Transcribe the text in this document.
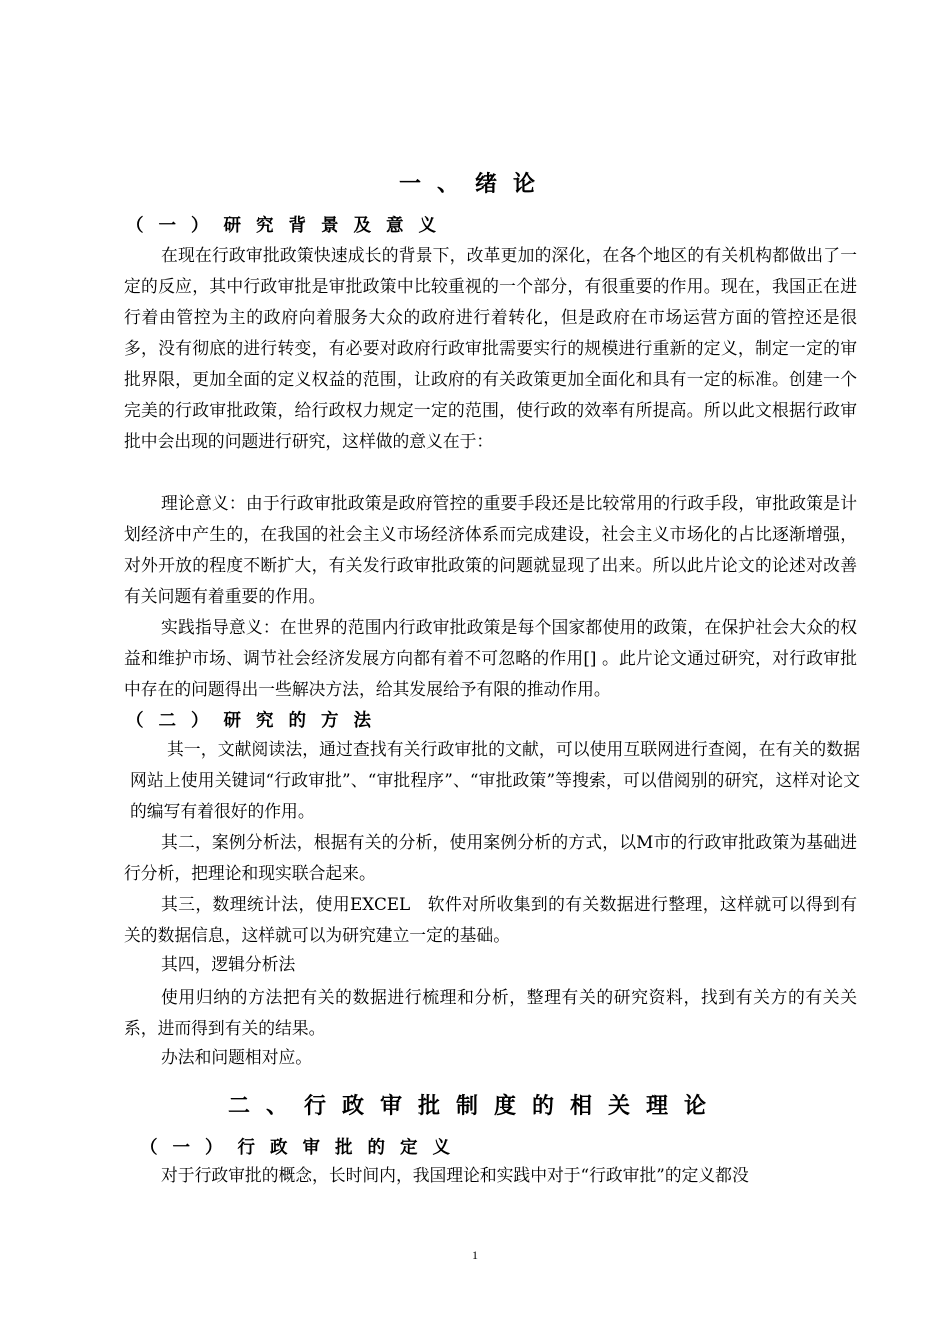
一、绪论
（一）研究背景及意义

在现在行政审批政策快速成长的背景下，改革更加的深化，在各个地区的有关机构都做出了一定的反应，其中行政审批是审批政策中比较重视的一个部分，有很重要的作用。现在，我国正在进行着由管控为主的政府向着服务大众的政府进行着转化，但是政府在市场运营方面的管控还是很多，没有彻底的进行转变，有必要对政府行政审批需要实行的规模进行重新的定义，制定一定的审批界限，更加全面的定义权益的范围，让政府的有关政策更加全面化和具有一定的标准。创建一个完美的行政审批政策，给行政权力规定一定的范围，使行政的效率有所提高。所以此文根据行政审批中会出现的问题进行研究，这样做的意义在于：

理论意义：由于行政审批政策是政府管控的重要手段还是比较常用的行政手段，审批政策是计划经济中产生的，在我国的社会主义市场经济体系而完成建设，社会主义市场化的占比逐渐增强，对外开放的程度不断扩大，有关发行政审批政策的问题就显现了出来。所以此片论文的论述对改善有关问题有着重要的作用。

实践指导意义：在世界的范围内行政审批政策是每个国家都使用的政策，在保护社会大众的权益和维护市场、调节社会经济发展方向都有着不可忽略的作用[] 。此片论文通过研究，对行政审批中存在的问题得出一些解决方法，给其发展给予有限的推动作用。

（二）研究的方法

其一，文献阅读法，通过查找有关行政审批的文献，可以使用互联网进行查阅，在有关的数据网站上使用关键词“行政审批”、“审批程序”、“审批政策”等搜索，可以借阅别的研究，这样对论文的编写有着很好的作用。

其二，案例分析法，根据有关的分析，使用案例分析的方式，以M市的行政审批政策为基础进行分析，把理论和现实联合起来。

其三，数理统计法，使用EXCEL　软件对所收集到的有关数据进行整理，这样就可以得到有关的数据信息，这样就可以为研究建立一定的基础。

其四，逻辑分析法

使用归纳的方法把有关的数据进行梳理和分析，整理有关的研究资料，找到有关方的有关关系，进而得到有关的结果。

办法和问题相对应。
二、行政审批制度的相关理论
（一）行政审批的定义
对于行政审批的概念，长时间内，我国理论和实践中对于“行政审批”的定义都没
1
